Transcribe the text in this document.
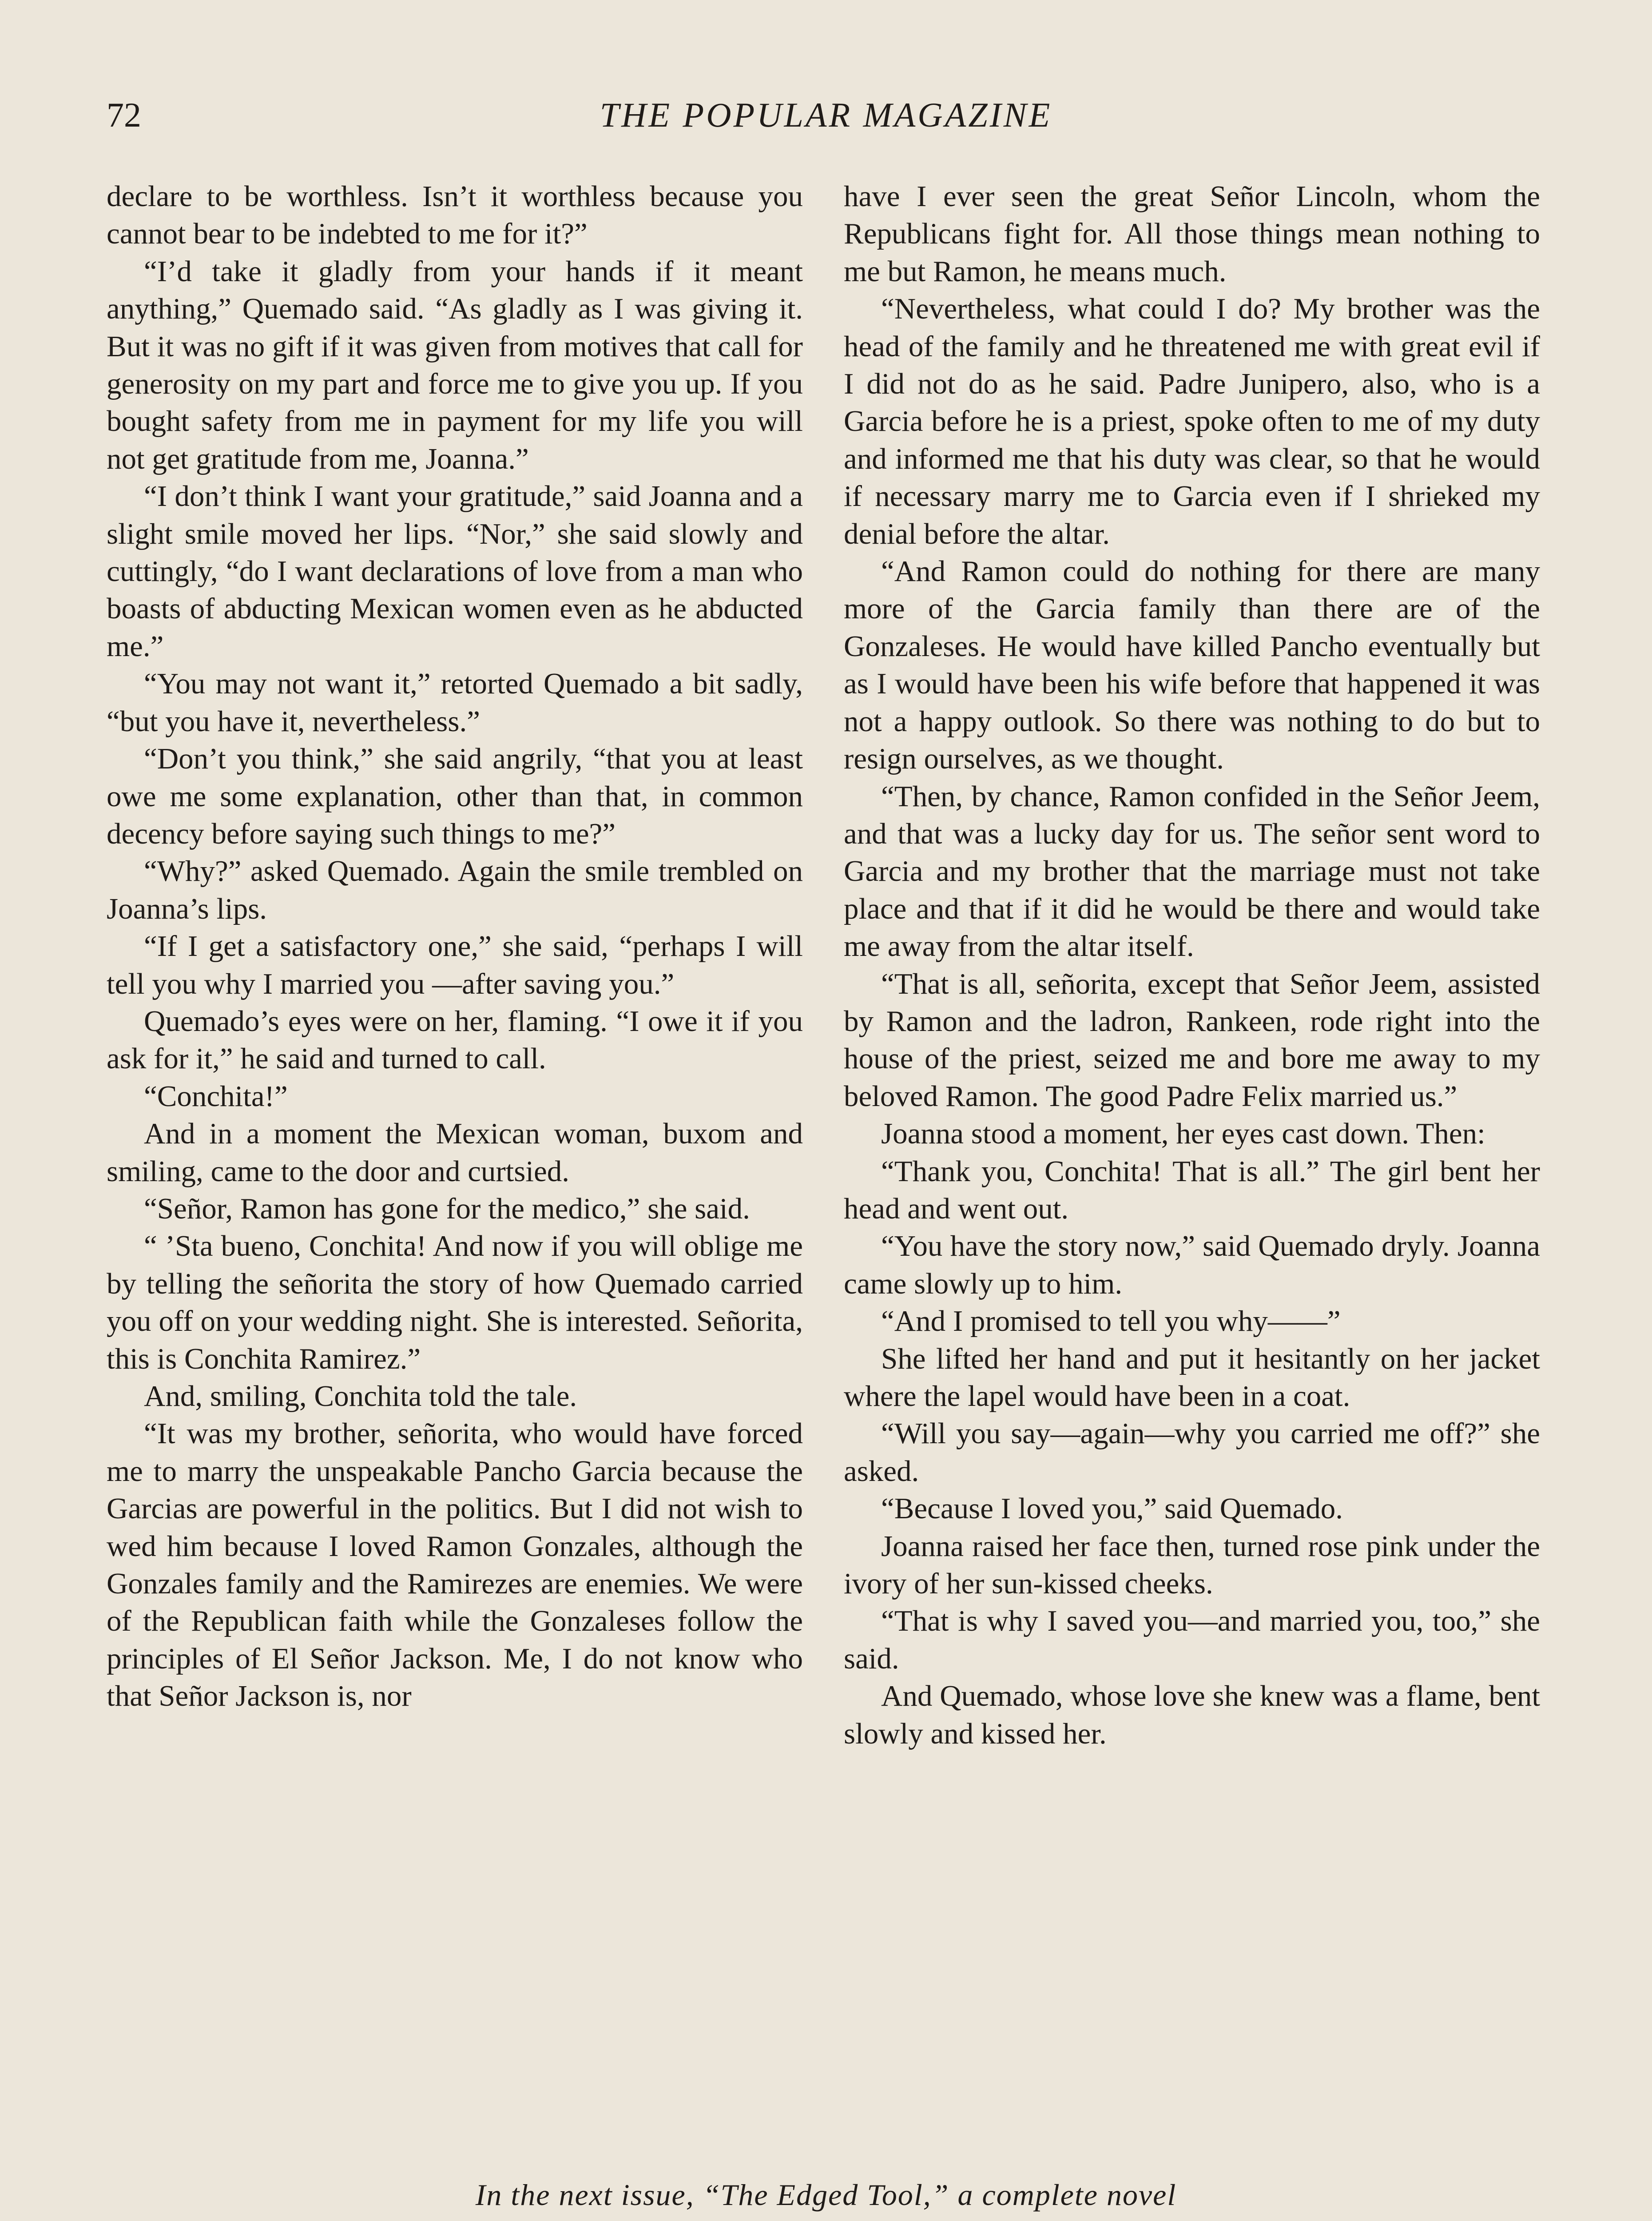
72	THE POPULAR MAGAZINE

declare to be worthless. Isn’t it worthless because you cannot bear to be indebted to me for it?”

“I’d take it gladly from your hands if it meant anything,” Quemado said. “As gladly as I was giving it. But it was no gift if it was given from motives that call for generosity on my part and force me to give you up. If you bought safety from me in payment for my life you will not get gratitude from me, Joanna.”

“I don’t think I want your gratitude,” said Joanna and a slight smile moved her lips. “Nor,” she said slowly and cuttingly, “do I want declarations of love from a man who boasts of abducting Mexican women even as he abducted me.”

“You may not want it,” retorted Quemado a bit sadly, “but you have it, nevertheless.”

“Don’t you think,” she said angrily, “that you at least owe me some explanation, other than that, in common decency before saying such things to me?”

“Why?” asked Quemado. Again the smile trembled on Joanna’s lips.

“If I get a satisfactory one,” she said, “perhaps I will tell you why I married you —after saving you.”

Quemado’s eyes were on her, flaming. “I owe it if you ask for it,” he said and turned to call.

“Conchita!”

And in a moment the Mexican woman, buxom and smiling, came to the door and curtsied.

“Señor, Ramon has gone for the medico,” she said.

“ ’Sta bueno, Conchita! And now if you will oblige me by telling the señorita the story of how Quemado carried you off on your wedding night. She is interested. Señorita, this is Conchita Ramirez.”

And, smiling, Conchita told the tale.

“It was my brother, señorita, who would have forced me to marry the unspeakable Pancho Garcia because the Garcias are powerful in the politics. But I did not wish to wed him because I loved Ramon Gonzales, although the Gonzales family and the Ramirezes are enemies. We were of the Republican faith while the Gonzaleses follow the principles of El Señor Jackson. Me, I do not know who that Señor Jackson is, nor

have I ever seen the great Señor Lincoln, whom the Republicans fight for. All those things mean nothing to me but Ramon, he means much.

“Nevertheless, what could I do? My brother was the head of the family and he threatened me with great evil if I did not do as he said. Padre Junipero, also, who is a Garcia before he is a priest, spoke often to me of my duty and informed me that his duty was clear, so that he would if necessary marry me to Garcia even if I shrieked my denial before the altar.

“And Ramon could do nothing for there are many more of the Garcia family than there are of the Gonzaleses. He would have killed Pancho eventually but as I would have been his wife before that happened it was not a happy outlook. So there was nothing to do but to resign ourselves, as we thought.

“Then, by chance, Ramon confided in the Señor Jeem, and that was a lucky day for us. The señor sent word to Garcia and my brother that the marriage must not take place and that if it did he would be there and would take me away from the altar itself.

“That is all, señorita, except that Señor Jeem, assisted by Ramon and the ladron, Rankeen, rode right into the house of the priest, seized me and bore me away to my beloved Ramon. The good Padre Felix married us.”

Joanna stood a moment, her eyes cast down. Then:

“Thank you, Conchita! That is all.” The girl bent her head and went out.

“You have the story now,” said Quemado dryly. Joanna came slowly up to him.

“And I promised to tell you why——”

She lifted her hand and put it hesitantly on her jacket where the lapel would have been in a coat.

“Will you say—again—why you carried me off?” she asked.

“Because I loved you,” said Quemado.

Joanna raised her face then, turned rose pink under the ivory of her sun-kissed cheeks.

“That is why I saved you—and married you, too,” she said.

And Quemado, whose love she knew was a flame, bent slowly and kissed her.

In the next issue, “The Edged Tool,” a complete novel
